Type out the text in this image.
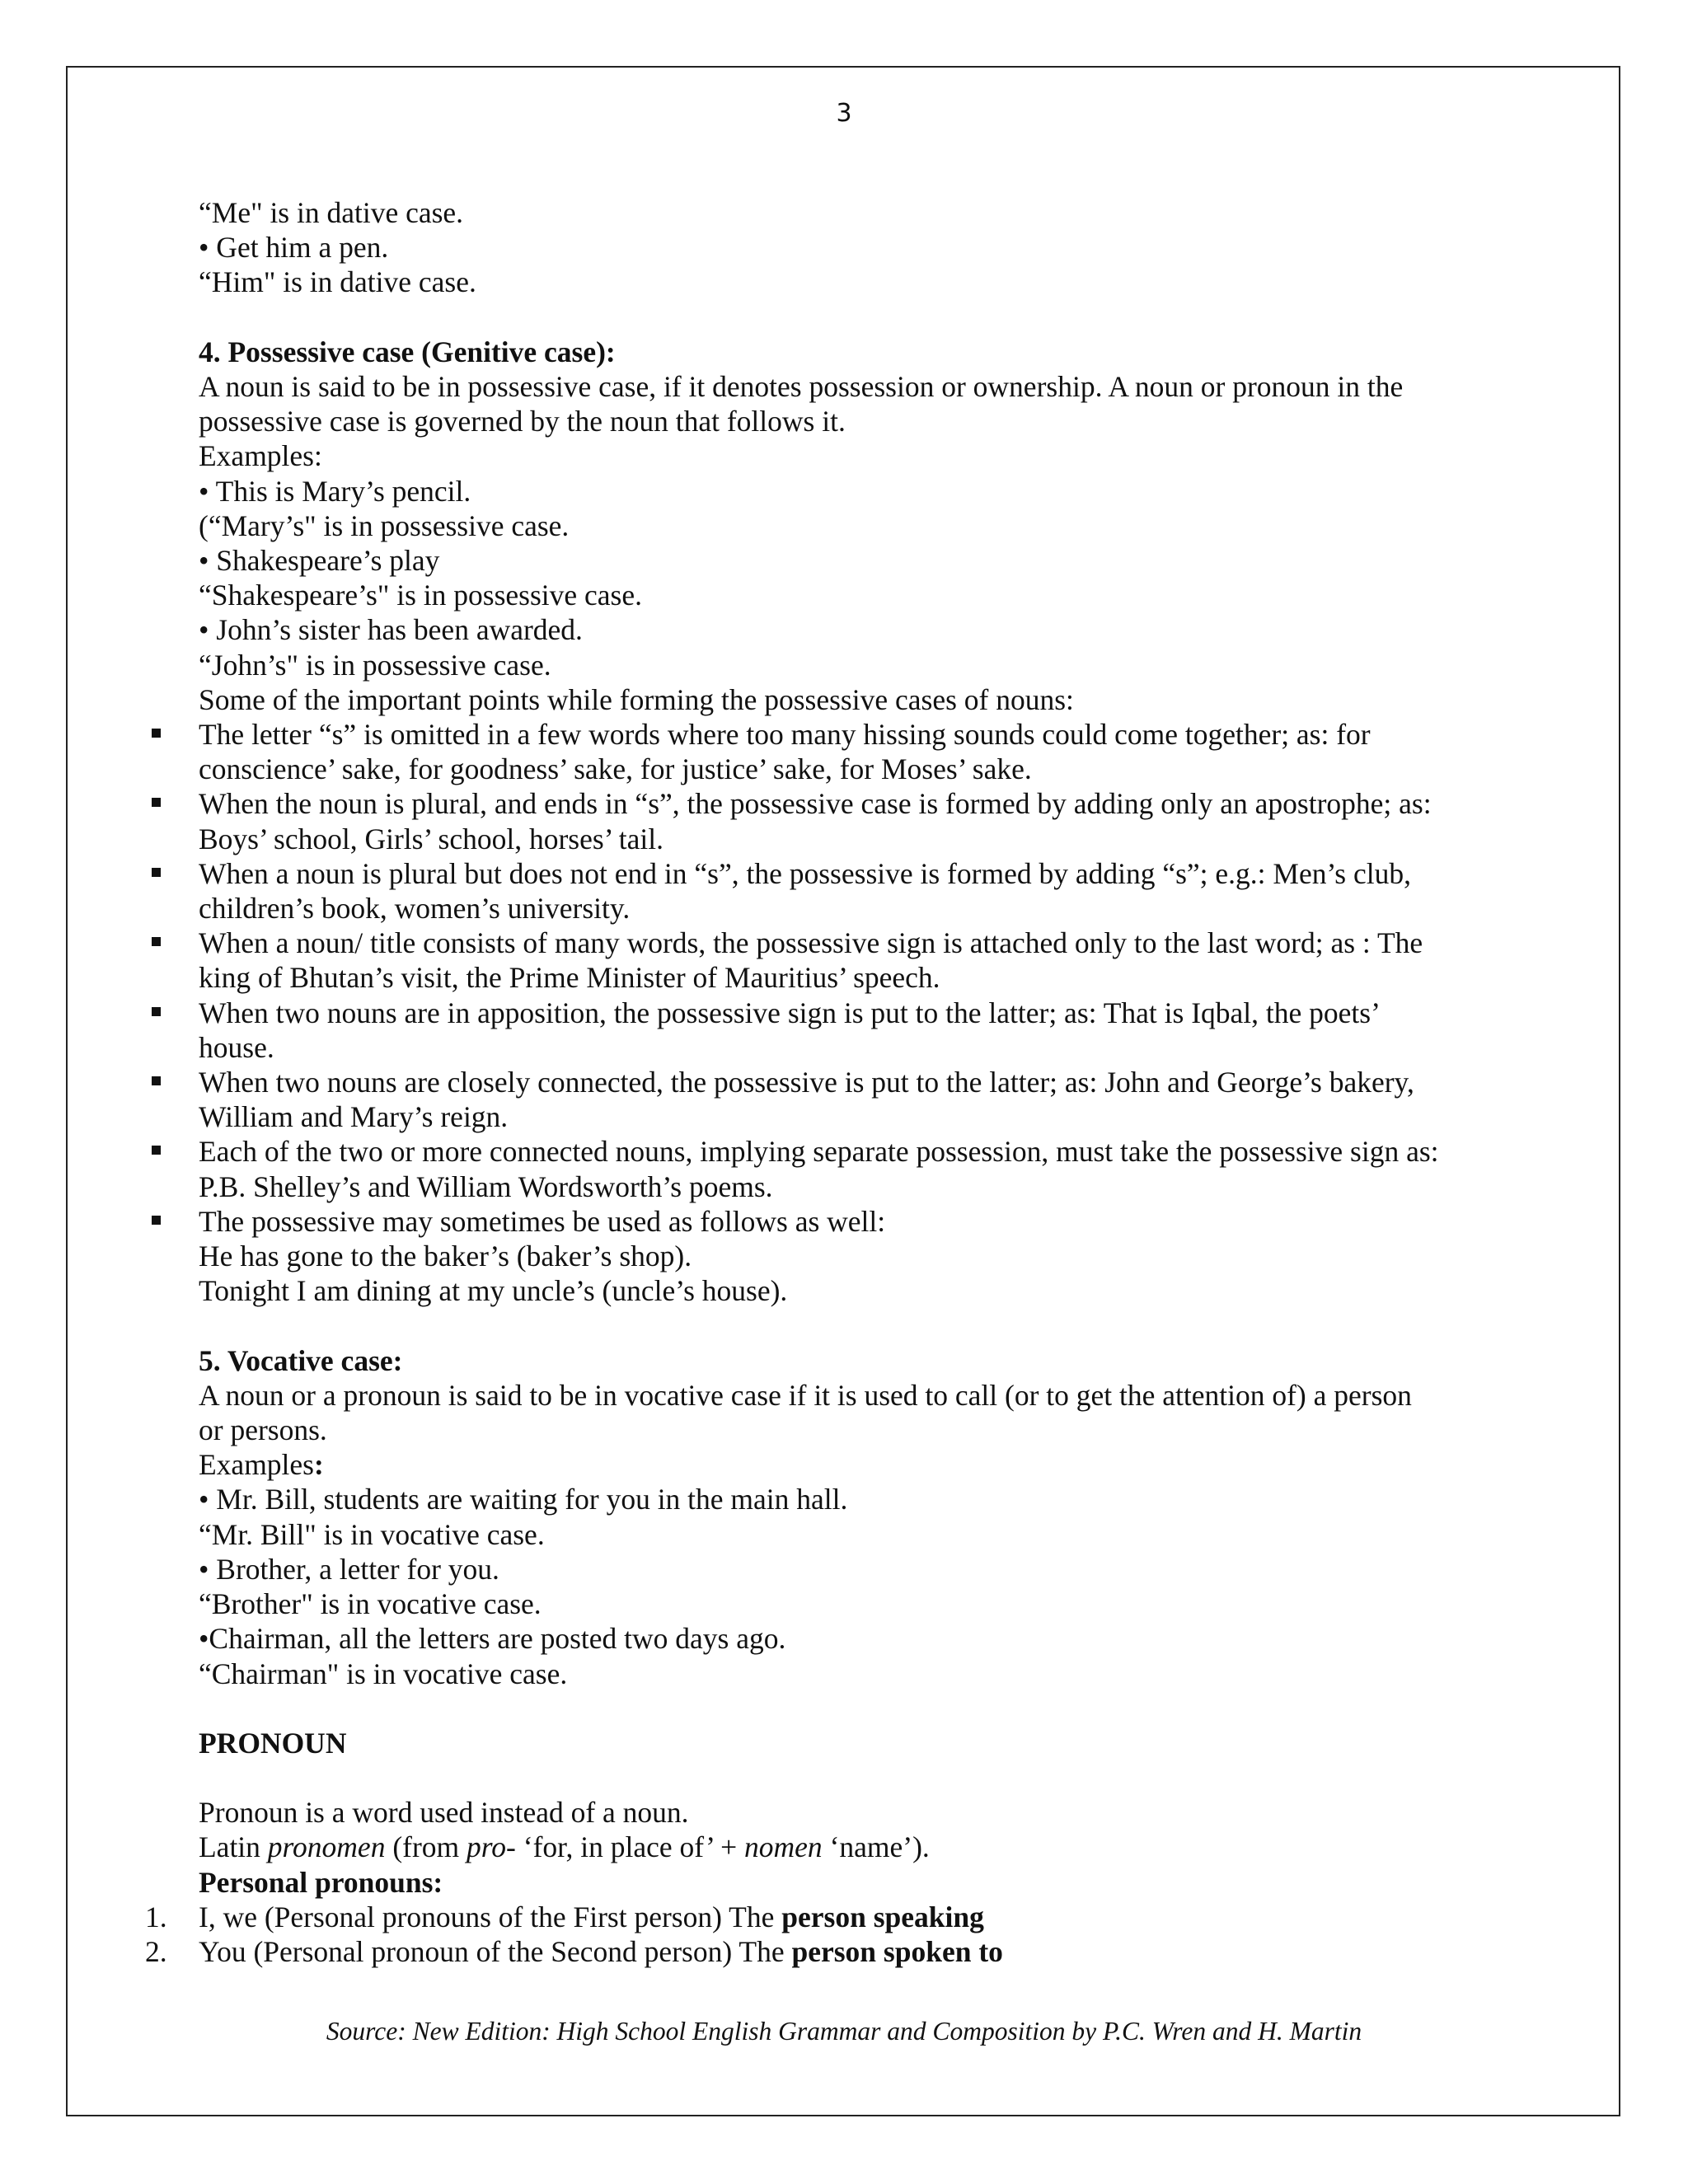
3
“Me" is in dative case.
• Get him a pen.
“Him" is in dative case.
4. Possessive case (Genitive case):
A noun is said to be in possessive case, if it denotes possession or ownership. A noun or pronoun in the
possessive case is governed by the noun that follows it.
Examples:
• This is Mary’s pencil.
(“Mary’s" is in possessive case.
• Shakespeare’s play
“Shakespeare’s" is in possessive case.
• John’s sister has been awarded.
“John’s" is in possessive case.
Some of the important points while forming the possessive cases of nouns:
The letter “s” is omitted in a few words where too many hissing sounds could come together; as: for
conscience’ sake, for goodness’ sake, for justice’ sake, for Moses’ sake.
When the noun is plural, and ends in “s”, the possessive case is formed by adding only an apostrophe; as:
Boys’ school, Girls’ school, horses’ tail.
When a noun is plural but does not end in “s”, the possessive is formed by adding “s”; e.g.: Men’s club,
children’s book, women’s university.
When a noun/ title consists of many words, the possessive sign is attached only to the last word; as : The
king of Bhutan’s visit, the Prime Minister of Mauritius’ speech.
When two nouns are in apposition, the possessive sign is put to the latter; as: That is Iqbal, the poets’
house.
When two nouns are closely connected, the possessive is put to the latter; as: John and George’s bakery,
William and Mary’s reign.
Each of the two or more connected nouns, implying separate possession, must take the possessive sign as:
P.B. Shelley’s and William Wordsworth’s poems.
The possessive may sometimes be used as follows as well:
He has gone to the baker’s (baker’s shop).
Tonight I am dining at my uncle’s (uncle’s house).
5. Vocative case:
A noun or a pronoun is said to be in vocative case if it is used to call (or to get the attention of) a person
or persons.
Examples:
• Mr. Bill, students are waiting for you in the main hall.
“Mr. Bill" is in vocative case.
• Brother, a letter for you.
“Brother" is in vocative case.
•Chairman, all the letters are posted two days ago.
“Chairman" is in vocative case.
PRONOUN
Pronoun is a word used instead of a noun.
Latin pronomen (from pro- ‘for, in place of’ + nomen ‘name’).
Personal pronouns:
1. I, we (Personal pronouns of the First person) The person speaking
2. You (Personal pronoun of the Second person) The person spoken to
Source: New Edition: High School English Grammar and Composition by P.C. Wren and H. Martin
